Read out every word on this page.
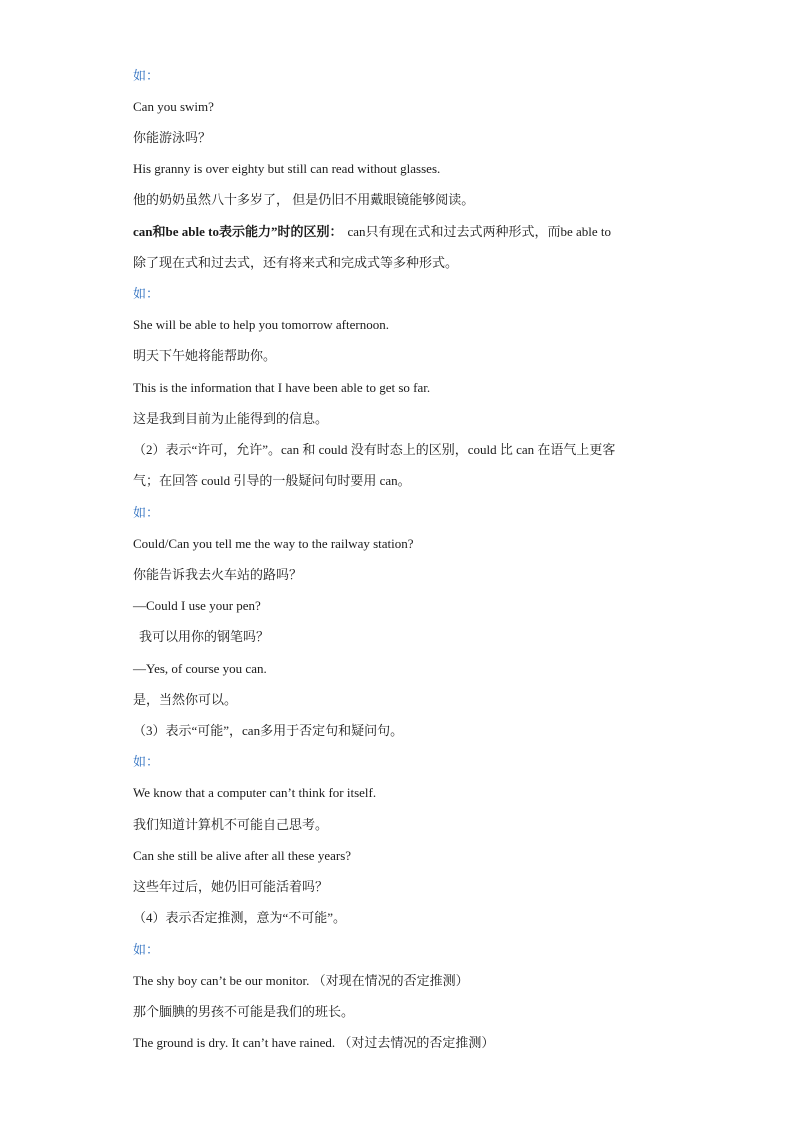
如：
Can you swim?
你能游泳吗？
His granny is over eighty but still can read without glasses.
他的奶奶虽然八十多岁了， 但是仍旧不用戴眼镜能够阅读。
can和be able to表示能力”时的区别： can只有现在式和过去式两种形式，而be able to
除了现在式和过去式，还有将来式和完成式等多种形式。
如：
She will be able to help you tomorrow afternoon.
明天下午她将能帮助你。
This is the information that I have been able to get so far.
这是我到目前为止能得到的信息。
（2）表示“许可，允许”。can 和 could 没有时态上的区别，could 比 can 在语气上更客
气；在回答 could 引导的一般疑问句时要用 can。
如：
Could/Can you tell me the way to the railway station?
你能告诉我去火车站的路吗？
—Could I use your pen?
我可以用你的钢笔吗？
—Yes, of course you can.
是，当然你可以。
（3）表示“可能”，can多用于否定句和疑问句。
如：
We know that a computer can’t think for itself.
我们知道计算机不可能自己思考。
Can she still be alive after all these years?
这些年过后，她仍旧可能活着吗？
（4）表示否定推测，意为“不可能”。
如：
The shy boy can’t be our monitor. （对现在情况的否定推测）
那个腼腆的男孩不可能是我们的班长。
The ground is dry. It can’t have rained. （对过去情况的否定推测）
